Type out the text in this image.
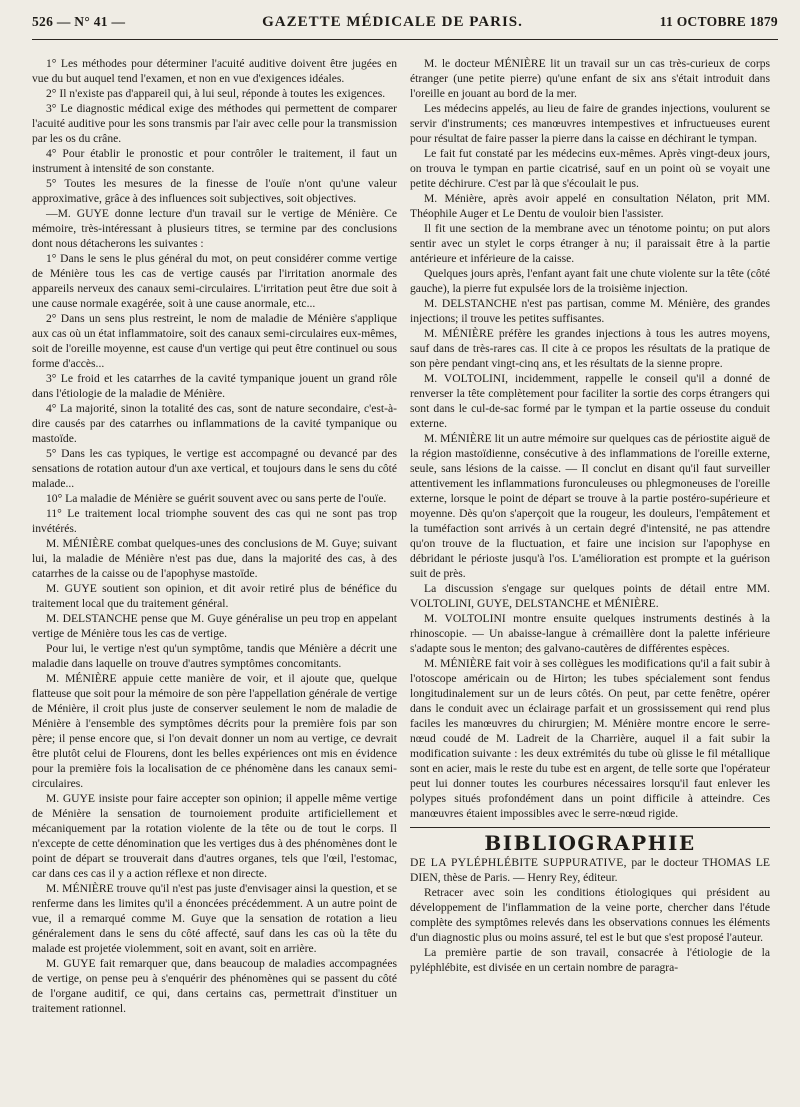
526 — N° 41 —	GAZETTE MÉDICALE DE PARIS.	11 OCTOBRE 1879

1° Les méthodes pour déterminer l'acuité auditive doivent être jugées en vue du but auquel tend l'examen, et non en vue d'exigences idéales.

2° Il n'existe pas d'appareil qui, à lui seul, réponde à toutes les exigences.

3° Le diagnostic médical exige des méthodes qui permettent de comparer l'acuité auditive pour les sons transmis par l'air avec celle pour la transmission par les os du crâne.

4° Pour établir le pronostic et pour contrôler le traitement, il faut un instrument à intensité de son constante.

5° Toutes les mesures de la finesse de l'ouïe n'ont qu'une valeur approximative, grâce à des influences soit subjectives, soit objectives.

—M. GUYE donne lecture d'un travail sur le vertige de Ménière. Ce mémoire, très-intéressant à plusieurs titres, se termine par des conclusions dont nous détacherons les suivantes :

1° Dans le sens le plus général du mot, on peut considérer comme vertige de Ménière tous les cas de vertige causés par l'irritation anormale des appareils nerveux des canaux semi-circulaires. L'irritation peut être due soit à une cause normale exagérée, soit à une cause anormale, etc...

2° Dans un sens plus restreint, le nom de maladie de Ménière s'applique aux cas où un état inflammatoire, soit des canaux semi-circulaires eux-mêmes, soit de l'oreille moyenne, est cause d'un vertige qui peut être continuel ou sous forme d'accès...

3° Le froid et les catarrhes de la cavité tympanique jouent un grand rôle dans l'étiologie de la maladie de Ménière.

4° La majorité, sinon la totalité des cas, sont de nature secondaire, c'est-à-dire causés par des catarrhes ou inflammations de la cavité tympanique ou mastoïde.

5° Dans les cas typiques, le vertige est accompagné ou devancé par des sensations de rotation autour d'un axe vertical, et toujours dans le sens du côté malade...

10° La maladie de Ménière se guérit souvent avec ou sans perte de l'ouïe.

11° Le traitement local triomphe souvent des cas qui ne sont pas trop invétérés.

M. MÉNIÈRE combat quelques-unes des conclusions de M. Guye; suivant lui, la maladie de Ménière n'est pas due, dans la majorité des cas, à des catarrhes de la caisse ou de l'apophyse mastoïde.

M. GUYE soutient son opinion, et dit avoir retiré plus de bénéfice du traitement local que du traitement général.

M. DELSTANCHE pense que M. Guye généralise un peu trop en appelant vertige de Ménière tous les cas de vertige.

Pour lui, le vertige n'est qu'un symptôme, tandis que Ménière a décrit une maladie dans laquelle on trouve d'autres symptômes concomitants.

M. MÉNIÈRE appuie cette manière de voir, et il ajoute que, quelque flatteuse que soit pour la mémoire de son père l'appellation générale de vertige de Ménière, il croit plus juste de conserver seulement le nom de maladie de Ménière à l'ensemble des symptômes décrits pour la première fois par son père; il pense encore que, si l'on devait donner un nom au vertige, ce devrait être plutôt celui de Flourens, dont les belles expériences ont mis en évidence pour la première fois la localisation de ce phénomène dans les canaux semi-circulaires.

M. GUYE insiste pour faire accepter son opinion; il appelle même vertige de Ménière la sensation de tournoiement produite artificiellement et mécaniquement par la rotation violente de la tête ou de tout le corps. Il n'excepte de cette dénomination que les vertiges dus à des phénomènes dont le point de départ se trouverait dans d'autres organes, tels que l'œil, l'estomac, car dans ces cas il y a action réflexe et non directe.

M. MÉNIÈRE trouve qu'il n'est pas juste d'envisager ainsi la question, et se renferme dans les limites qu'il a énoncées précédemment. A un autre point de vue, il a remarqué comme M. Guye que la sensation de rotation a lieu généralement dans le sens du côté affecté, sauf dans les cas où la tête du malade est projetée violemment, soit en avant, soit en arrière.

M. GUYE fait remarquer que, dans beaucoup de maladies accompagnées de vertige, on pense peu à s'enquérir des phénomènes qui se passent du côté de l'organe auditif, ce qui, dans certains cas, permettrait d'instituer un traitement rationnel.

M. le docteur MÉNIÈRE lit un travail sur un cas très-curieux de corps étranger (une petite pierre) qu'une enfant de six ans s'était introduit dans l'oreille en jouant au bord de la mer.

Les médecins appelés, au lieu de faire de grandes injections, voulurent se servir d'instruments; ces manœuvres intempestives et infructueuses eurent pour résultat de faire passer la pierre dans la caisse en déchirant le tympan.

Le fait fut constaté par les médecins eux-mêmes. Après vingt-deux jours, on trouva le tympan en partie cicatrisé, sauf en un point où se voyait une petite déchirure. C'est par là que s'écoulait le pus.

M. Ménière, après avoir appelé en consultation Nélaton, prit MM. Théophile Auger et Le Dentu de vouloir bien l'assister.

Il fit une section de la membrane avec un ténotome pointu; on put alors sentir avec un stylet le corps étranger à nu; il paraissait être à la partie antérieure et inférieure de la caisse.

Quelques jours après, l'enfant ayant fait une chute violente sur la tête (côté gauche), la pierre fut expulsée lors de la troisième injection.

M. DELSTANCHE n'est pas partisan, comme M. Ménière, des grandes injections; il trouve les petites suffisantes.

M. MÉNIÈRE préfère les grandes injections à tous les autres moyens, sauf dans de très-rares cas. Il cite à ce propos les résultats de la pratique de son père pendant vingt-cinq ans, et les résultats de la sienne propre.

M. VOLTOLINI, incidemment, rappelle le conseil qu'il a donné de renverser la tête complètement pour faciliter la sortie des corps étrangers qui sont dans le cul-de-sac formé par le tympan et la partie osseuse du conduit externe.

M. MÉNIÈRE lit un autre mémoire sur quelques cas de périostite aiguë de la région mastoïdienne, consécutive à des inflammations de l'oreille externe, seule, sans lésions de la caisse. — Il conclut en disant qu'il faut surveiller attentivement les inflammations furonculeuses ou phlegmoneuses de l'oreille externe, lorsque le point de départ se trouve à la partie postéro-supérieure et moyenne. Dès qu'on s'aperçoit que la rougeur, les douleurs, l'empâtement et la tuméfaction sont arrivés à un certain degré d'intensité, ne pas attendre qu'on trouve de la fluctuation, et faire une incision sur l'apophyse en débridant le périoste jusqu'à l'os. L'amélioration est prompte et la guérison suit de près.

La discussion s'engage sur quelques points de détail entre MM. VOLTOLINI, GUYE, DELSTANCHE et MÉNIÈRE.

M. VOLTOLINI montre ensuite quelques instruments destinés à la rhinoscopie. — Un abaisse-langue à crémaillère dont la palette inférieure s'adapte sous le menton; des galvano-cautères de différentes espèces.

M. MÉNIÈRE fait voir à ses collègues les modifications qu'il a fait subir à l'otoscope américain ou de Hirton; les tubes spécialement sont fendus longitudinalement sur un de leurs côtés. On peut, par cette fenêtre, opérer dans le conduit avec un éclairage parfait et un grossissement qui rend plus faciles les manœuvres du chirurgien; M. Ménière montre encore le serre-nœud coudé de M. Ladreit de la Charrière, auquel il a fait subir la modification suivante : les deux extrémités du tube où glisse le fil métallique sont en acier, mais le reste du tube est en argent, de telle sorte que l'opérateur peut lui donner toutes les courbures nécessaires lorsqu'il faut enlever les polypes situés profondément dans un point difficile à atteindre. Ces manœuvres étaient impossibles avec le serre-nœud rigide.

BIBLIOGRAPHIE

DE LA PYLÉPHLÉBITE SUPPURATIVE, par le docteur THOMAS LE DIEN, thèse de Paris. — Henry Rey, éditeur.

Retracer avec soin les conditions étiologiques qui président au développement de l'inflammation de la veine porte, chercher dans l'étude complète des symptômes relevés dans les observations connues les éléments d'un diagnostic plus ou moins assuré, tel est le but que s'est proposé l'auteur.

La première partie de son travail, consacrée à l'étiologie de la pyléphlébite, est divisée en un certain nombre de paragra-
